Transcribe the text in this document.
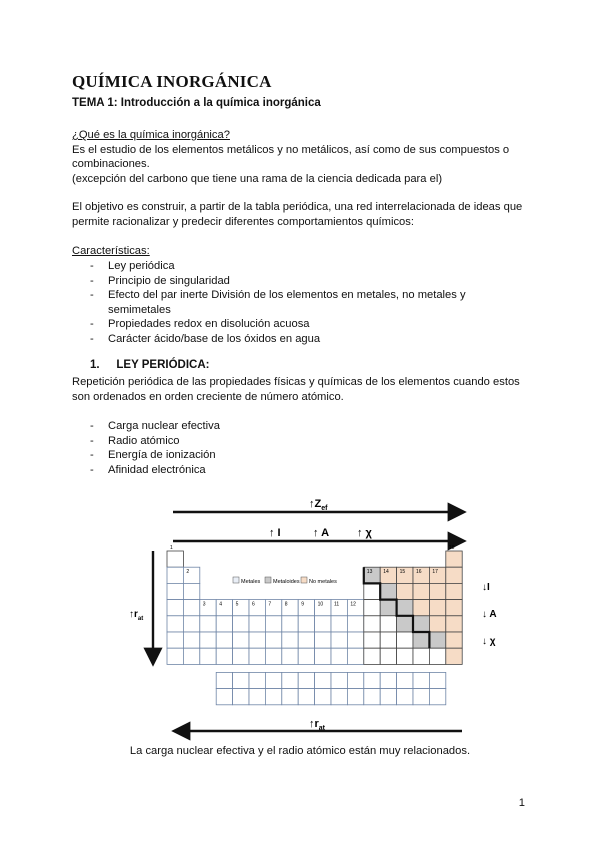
QUÍMICA INORGÁNICA
TEMA 1: Introducción a la química inorgánica
¿Qué es la química inorgánica?
Es el estudio de los elementos metálicos y no metálicos, así como de sus compuestos o
combinaciones.
(excepción del carbono que tiene una rama de la ciencia dedicada para el)
El objetivo es construir, a partir de la tabla periódica, una red interrelacionada de ideas que
permite racionalizar y predecir diferentes comportamientos químicos:
Características:
- Ley periódica
- Principio de singularidad
- Efecto del par inerte División de los elementos en metales, no metales y semimetales
- Propiedades redox en disolución acuosa
- Carácter ácido/base de los óxidos en agua
1. LEY PERIÓDICA:
Repetición periódica de las propiedades físicas y químicas de los elementos cuando estos
son ordenados en orden creciente de número atómico.
- Carga nuclear efectiva
- Radio atómico
- Energía de ionización
- Afinidad electrónica
$↑Z_{ef}$
↑ I	↑ A	↑ χ
$↑r_{at}$
↓I
↓ A
↓ χ
1
2
3	4	5	6	7	8	9	10 11 12
13 14 15 16 17
18
Metales Metaloides No metales
$↑r_{at}$
La carga nuclear efectiva y el radio atómico están muy relacionados.
1
